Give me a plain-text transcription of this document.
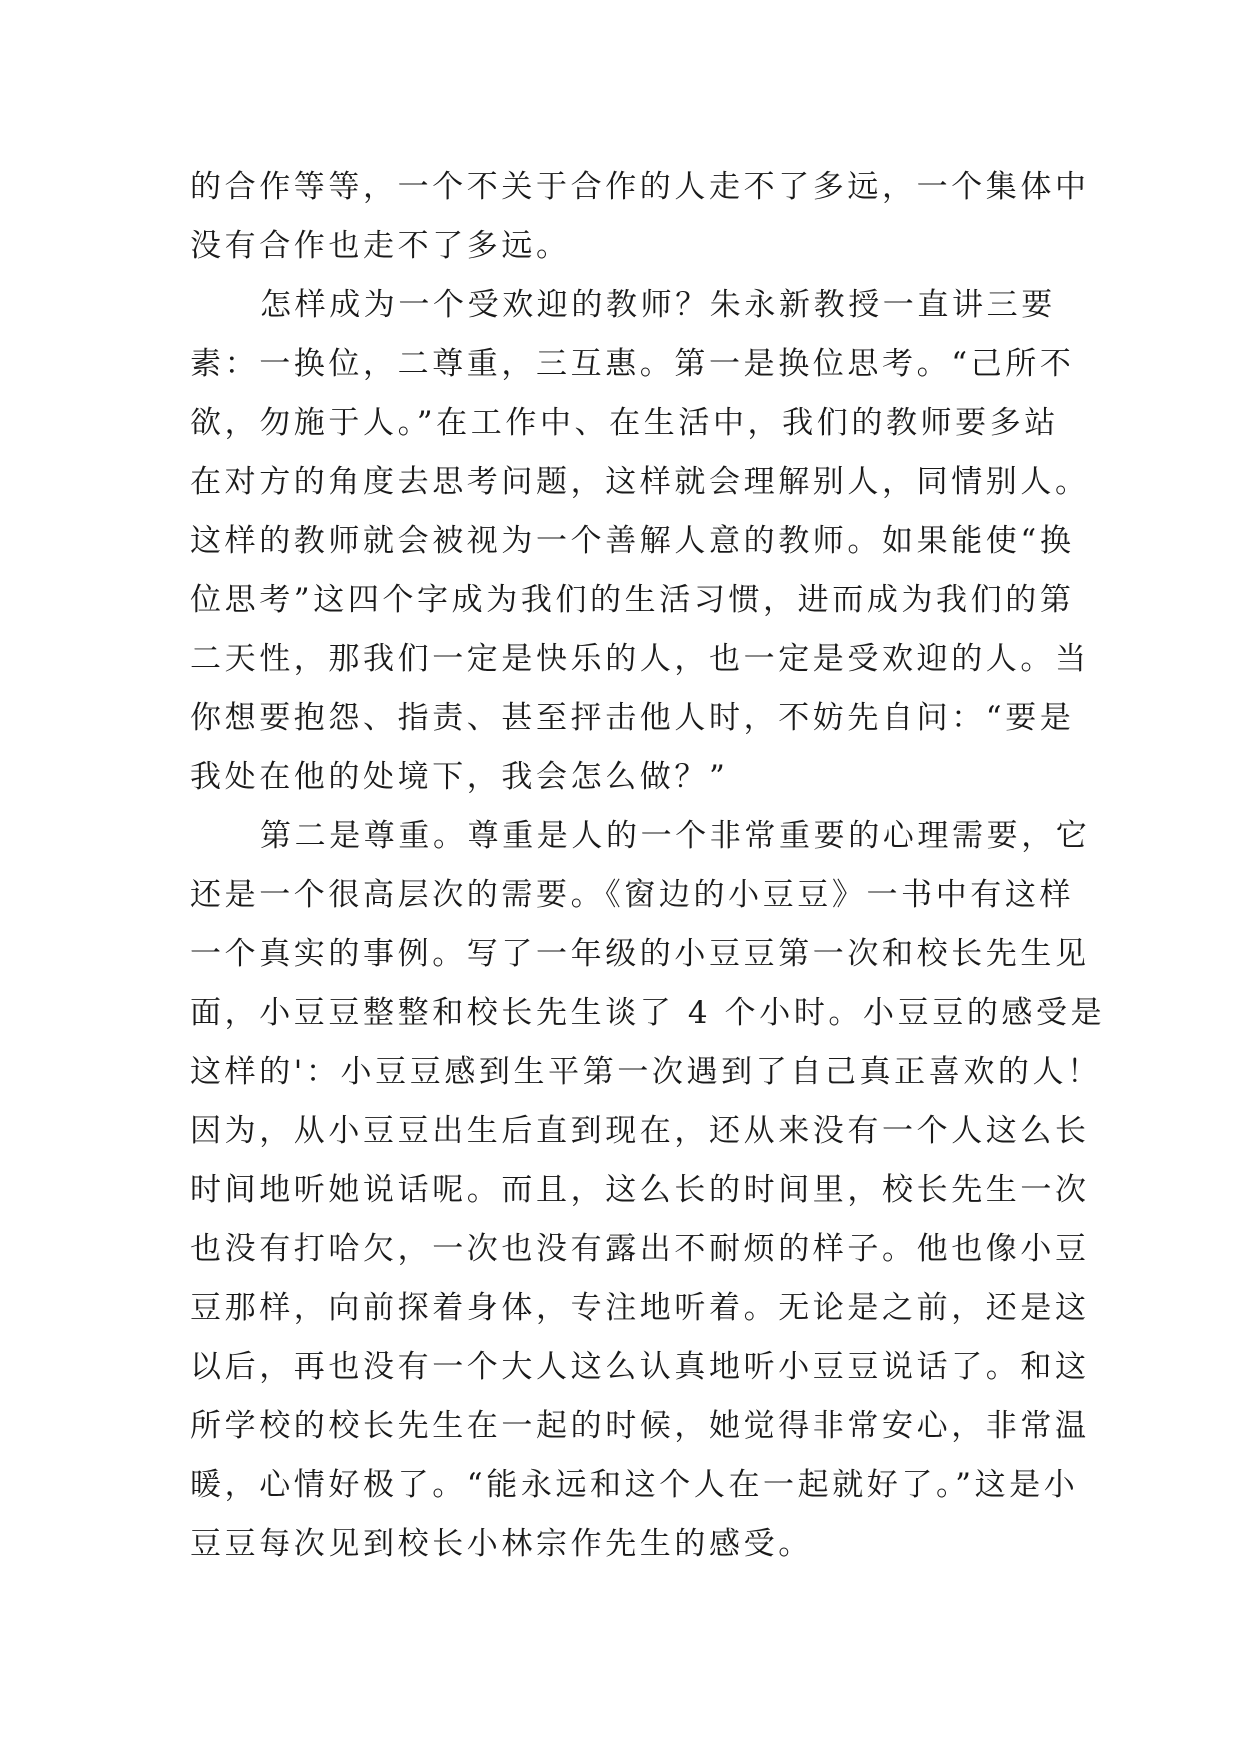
的合作等等，一个不关于合作的人走不了多远，一个集体中
没有合作也走不了多远。
怎样成为一个受欢迎的教师？朱永新教授一直讲三要
素：一换位，二尊重，三互惠。第一是换位思考。“己所不
欲，勿施于人。”在工作中、在生活中，我们的教师要多站
在对方的角度去思考问题，这样就会理解别人，同情别人。
这样的教师就会被视为一个善解人意的教师。如果能使“换
位思考”这四个字成为我们的生活习惯，进而成为我们的第
二天性，那我们一定是快乐的人，也一定是受欢迎的人。当
你想要抱怨、指责、甚至抨击他人时，不妨先自问：“要是
我处在他的处境下，我会怎么做？”
第二是尊重。尊重是人的一个非常重要的心理需要，它
还是一个很高层次的需要。《窗边的小豆豆》一书中有这样
一个真实的事例。写了一年级的小豆豆第一次和校长先生见
面，小豆豆整整和校长先生谈了 4 个小时。小豆豆的感受是
这样的'：小豆豆感到生平第一次遇到了自己真正喜欢的人！
因为，从小豆豆出生后直到现在，还从来没有一个人这么长
时间地听她说话呢。而且，这么长的时间里，校长先生一次
也没有打哈欠，一次也没有露出不耐烦的样子。他也像小豆
豆那样，向前探着身体，专注地听着。无论是之前，还是这
以后，再也没有一个大人这么认真地听小豆豆说话了。和这
所学校的校长先生在一起的时候，她觉得非常安心，非常温
暖，心情好极了。“能永远和这个人在一起就好了。”这是小
豆豆每次见到校长小林宗作先生的感受。
